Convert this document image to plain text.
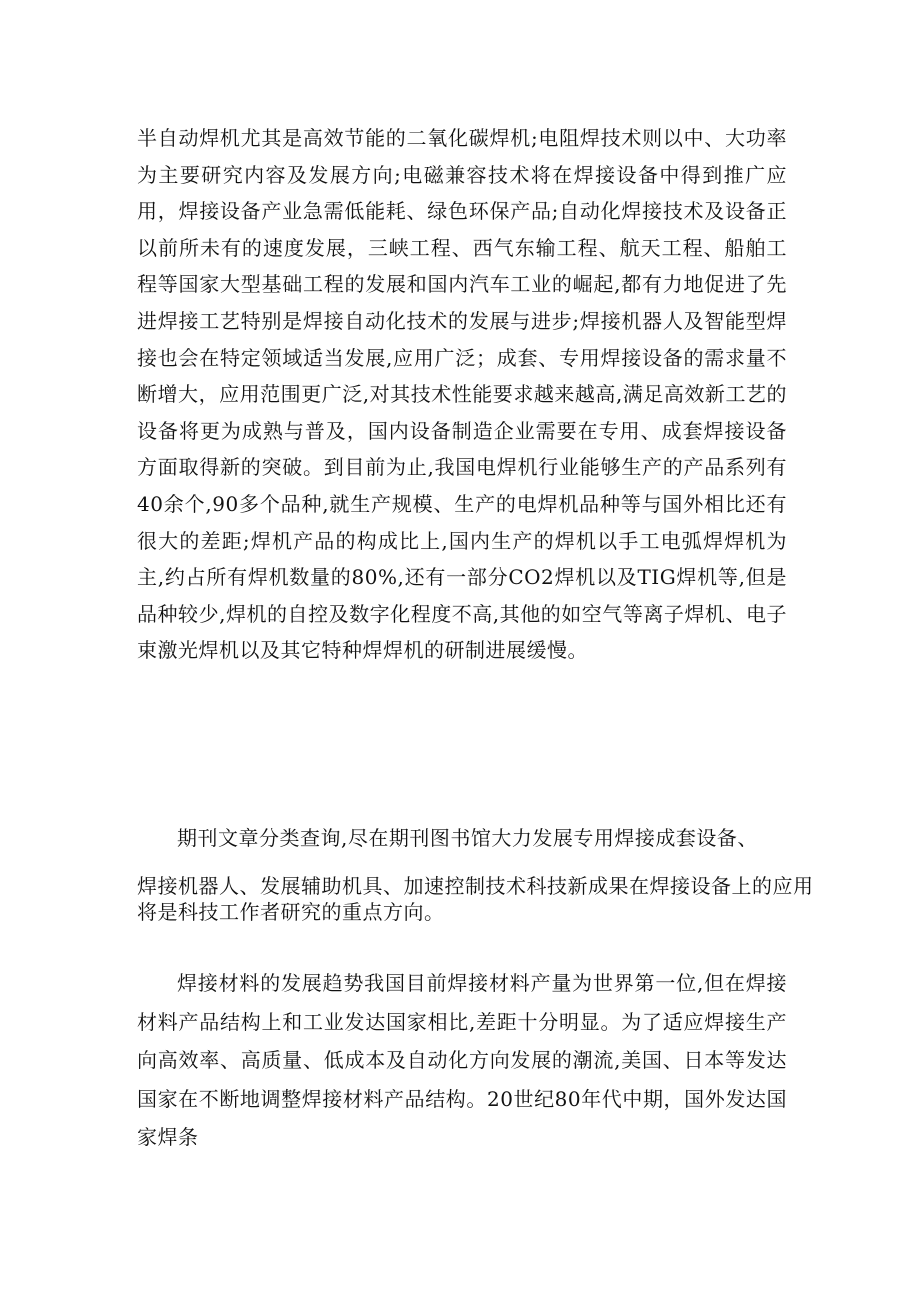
半自动焊机尤其是高效节能的二氧化碳焊机;电阻焊技术则以中、大功率为主要研究内容及发展方向;电磁兼容技术将在焊接设备中得到推广应用，焊接设备产业急需低能耗、绿色环保产品;自动化焊接技术及设备正以前所未有的速度发展，三峡工程、西气东输工程、航天工程、船舶工程等国家大型基础工程的发展和国内汽车工业的崛起,都有力地促进了先进焊接工艺特别是焊接自动化技术的发展与进步;焊接机器人及智能型焊接也会在特定领域适当发展,应用广泛；成套、专用焊接设备的需求量不断增大，应用范围更广泛,对其技术性能要求越来越高,满足高效新工艺的设备将更为成熟与普及，国内设备制造企业需要在专用、成套焊接设备方面取得新的突破。到目前为止,我国电焊机行业能够生产的产品系列有40余个,90多个品种,就生产规模、生产的电焊机品种等与国外相比还有很大的差距;焊机产品的构成比上,国内生产的焊机以手工电弧焊焊机为主,约占所有焊机数量的80%,还有一部分CO2焊机以及TIG焊机等,但是品种较少,焊机的自控及数字化程度不高,其他的如空气等离子焊机、电子束激光焊机以及其它特种焊焊机的研制进展缓慢。

期刊文章分类查询,尽在期刊图书馆大力发展专用焊接成套设备、

焊接机器人、发展辅助机具、加速控制技术科技新成果在焊接设备上的应用

将是科技工作者研究的重点方向。

焊接材料的发展趋势我国目前焊接材料产量为世界第一位,但在焊接材料产品结构上和工业发达国家相比,差距十分明显。为了适应焊接生产向高效率、高质量、低成本及自动化方向发展的潮流,美国、日本等发达国家在不断地调整焊接材料产品结构。20世纪80年代中期，国外发达国家焊条
